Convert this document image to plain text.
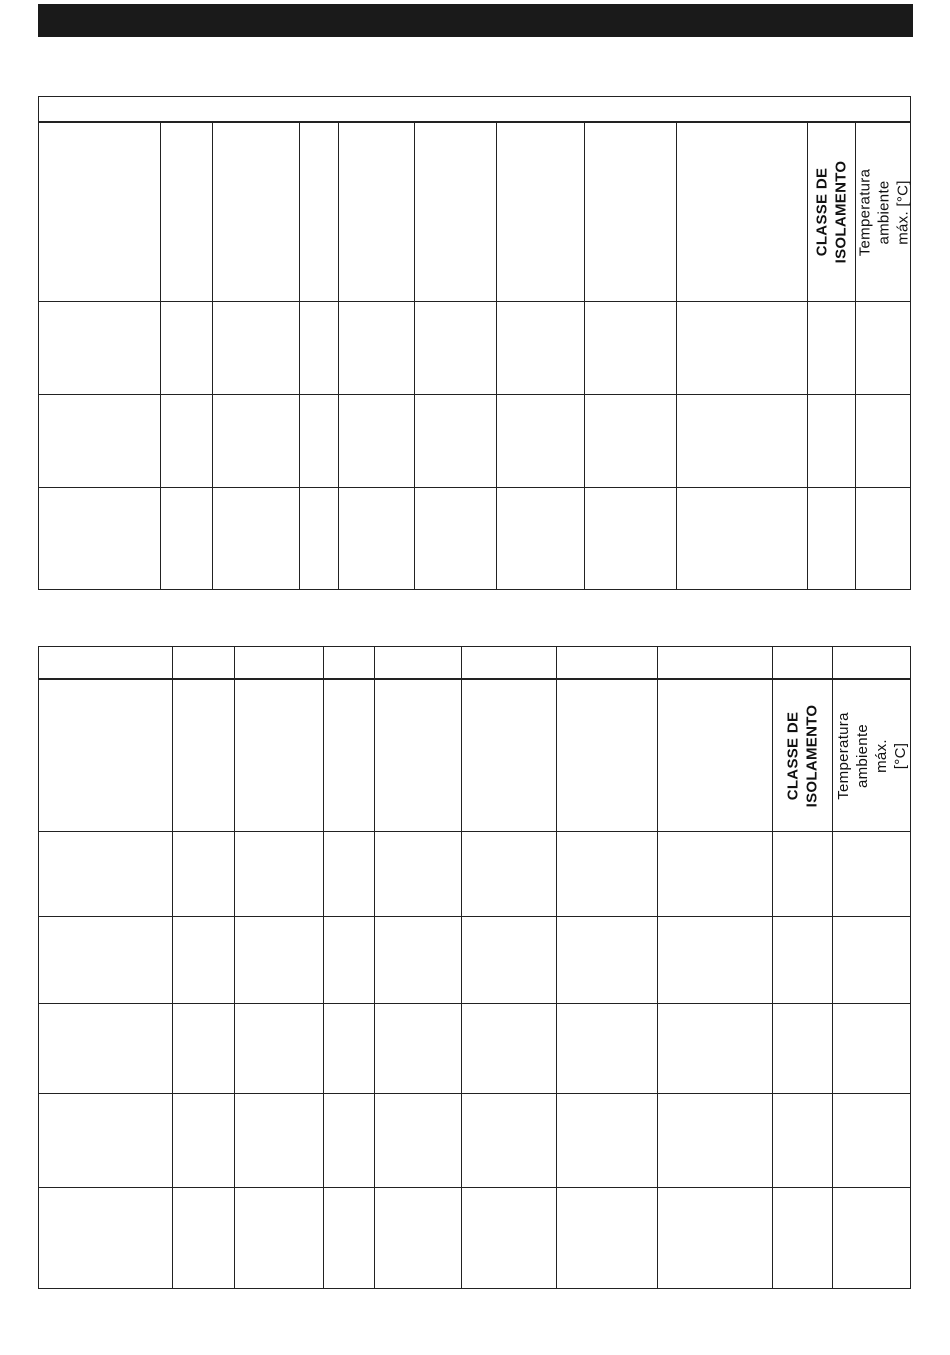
CLASSE DE
ISOLAMENTO Temperatura
ambiente máx. [°C]
CLASSE DE
ISOLAMENTO Temperatura
ambiente máx.
[°C]
